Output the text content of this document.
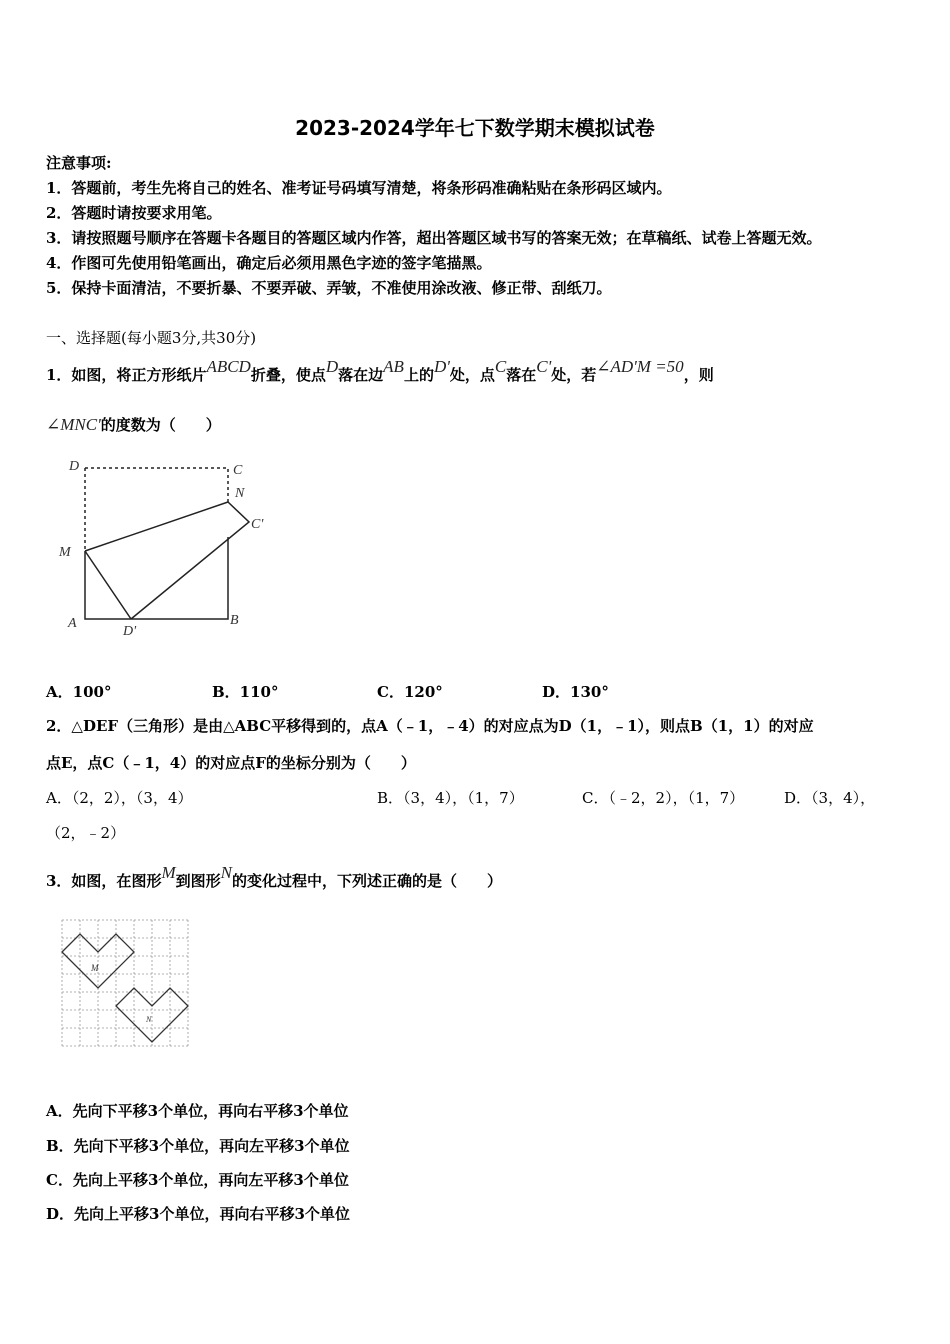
2023-2024学年七下数学期末模拟试卷
注意事项:
1．答题前，考生先将自己的姓名、准考证号码填写清楚，将条形码准确粘贴在条形码区域内。
2．答题时请按要求用笔。
3．请按照题号顺序在答题卡各题目的答题区域内作答，超出答题区域书写的答案无效；在草稿纸、试卷上答题无效。
4．作图可先使用铅笔画出，确定后必须用黑色字迹的签字笔描黑。
5．保持卡面清洁，不要折暴、不要弄破、弄皱，不准使用涂改液、修正带、刮纸刀。
一、选择题(每小题3分,共30分)
1．如图，将正方形纸片ABCD折叠，使点D落在边AB上的D'处，点C落在C'处，若∠AD'M =50，则
∠MNC'的度数为（　　）
D	C
N
C'
M
A
D'
B
A．100°	B．110°	C．120°	D．130°
2．△DEF（三角形）是由△ABC平移得到的，点A（﹣1，﹣4）的对应点为D（1，﹣1），则点B（1，1）的对应
点E，点C（﹣1，4）的对应点F的坐标分别为（　　）
A．（2，2），（3，4）	B．（3，4），（1，7）	C．（﹣2，2），（1，7）	D．（3，4），
（2，﹣2）
3．如图，在图形M到图形N的变化过程中，下列述正确的是（　　）
M
N
A．先向下平移3个单位，再向右平移3个单位
B．先向下平移3个单位，再向左平移3个单位
C．先向上平移3个单位，再向左平移3个单位
D．先向上平移3个单位，再向右平移3个单位
